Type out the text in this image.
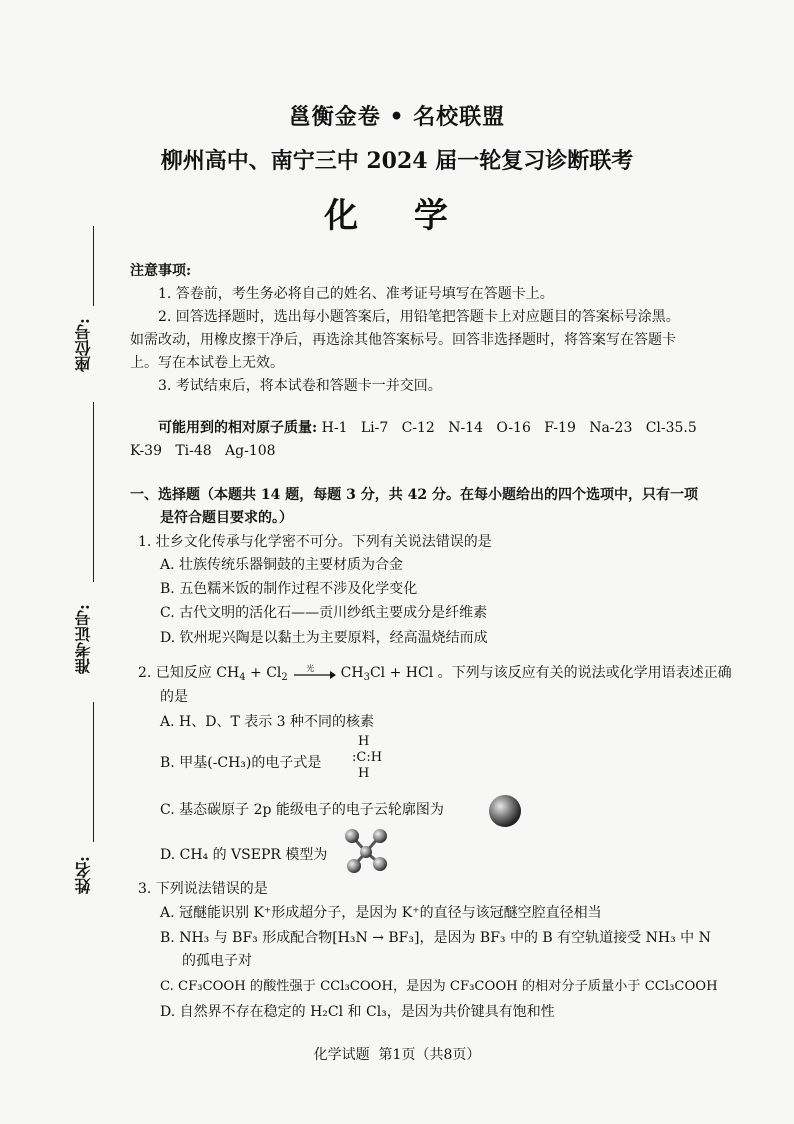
邕衡金卷 • 名校联盟
柳州高中、南宁三中 2024 届一轮复习诊断联考
化 学
座位号:
准考证号:
姓名:
注意事项:
1. 答卷前，考生务必将自己的姓名、准考证号填写在答题卡上。
2. 回答选择题时，选出每小题答案后，用铅笔把答题卡上对应题目的答案标号涂黑。
如需改动，用橡皮擦干净后，再选涂其他答案标号。回答非选择题时，将答案写在答题卡
上。写在本试卷上无效。
3. 考试结束后，将本试卷和答题卡一并交回。
可能用到的相对原子质量: H-1   Li-7   C-12   N-14   O-16   F-19   Na-23   Cl-35.5
K-39   Ti-48   Ag-108
一、选择题（本题共 14 题，每题 3 分，共 42 分。在每小题给出的四个选项中，只有一项
是符合题目要求的。）
1. 壮乡文化传承与化学密不可分。下列有关说法错误的是
A. 壮族传统乐器铜鼓的主要材质为合金
B. 五色糯米饭的制作过程不涉及化学变化
C. 古代文明的活化石——贡川纱纸主要成分是纤维素
D. 钦州坭兴陶是以黏土为主要原料，经高温烧结而成
2. 已知反应 $CH_4 + Cl_2$
光 $CH_3Cl$ + HCl 。下列与该反应有关的说法或化学用语表述正确
的是
A. H、D、T 表示 3 种不同的核素
B. 甲基(-CH₃)的电子式是
H
:C:H
H
C. 基态碳原子 2p 能级电子的电子云轮廓图为
D. CH₄ 的 VSEPR 模型为
3. 下列说法错误的是
A. 冠醚能识别 K⁺形成超分子，是因为 K⁺的直径与该冠醚空腔直径相当
B. NH₃ 与 BF₃ 形成配合物[H₃N → BF₃]，是因为 BF₃ 中的 B 有空轨道接受 NH₃ 中 N
的孤电子对
C. CF₃COOH 的酸性强于 CCl₃COOH，是因为 CF₃COOH 的相对分子质量小于 CCl₃COOH
D. 自然界不存在稳定的 H₂Cl 和 Cl₃，是因为共价键具有饱和性
化学试题  第1页（共8页）
